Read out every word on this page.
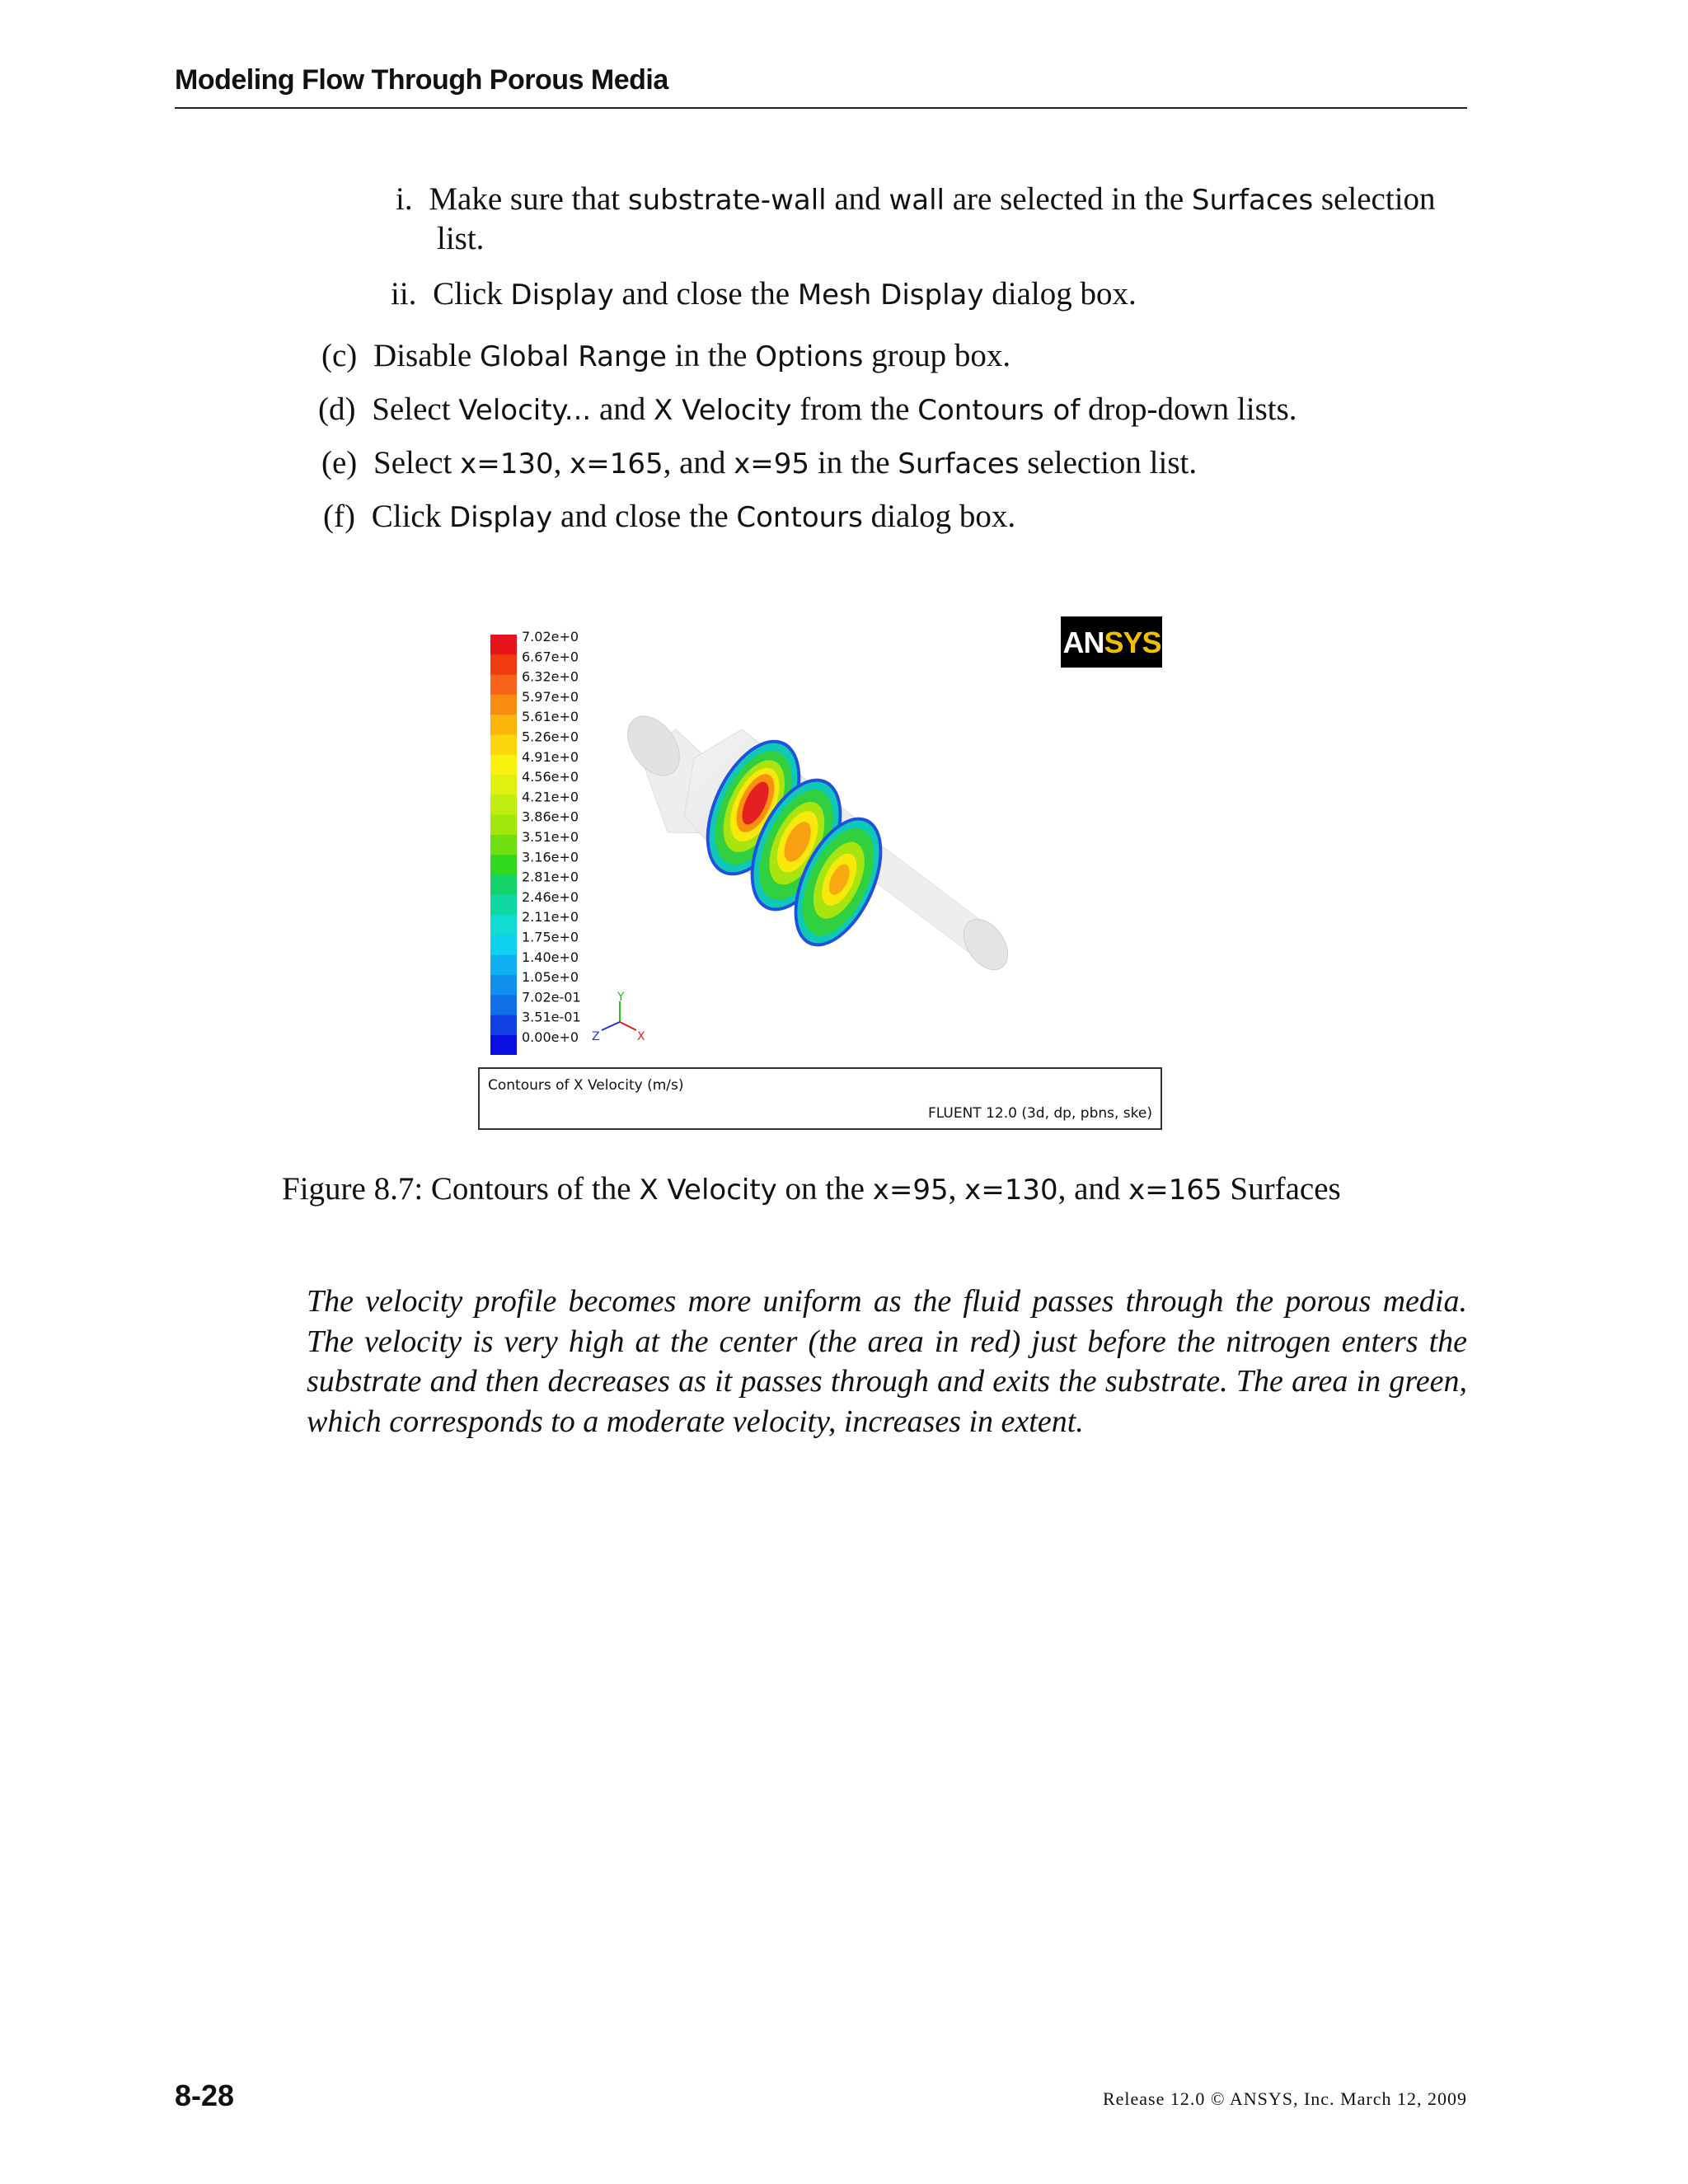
Modeling Flow Through Porous Media
i. Make sure that substrate-wall and wall are selected in the Surfaces selection
list.
ii. Click Display and close the Mesh Display dialog box.
(c) Disable Global Range in the Options group box.
(d) Select Velocity... and X Velocity from the Contours of drop-down lists.
(e) Select x=130, x=165, and x=95 in the Surfaces selection list.
(f) Click Display and close the Contours dialog box.
7.02e+0
6.67e+0
6.32e+0
5.97e+0
5.61e+0
5.26e+0
4.91e+0
4.56e+0
4.21e+0
3.86e+0
3.51e+0
3.16e+0
2.81e+0
2.46e+0
2.11e+0
1.75e+0
1.40e+0
1.05e+0
7.02e-01
3.51e-01
0.00e+0
ANSYS
Y
Z	X
Contours of X Velocity (m/s)
FLUENT 12.0 (3d, dp, pbns, ske)
Figure 8.7: Contours of the X Velocity on the x=95, x=130, and x=165 Surfaces
The velocity profile becomes more uniform as the fluid passes through the porous media. The velocity is very high at the center (the area in red) just before the nitrogen enters the substrate and then decreases as it passes through and exits the substrate. The area in green, which corresponds to a moderate velocity, increases in extent.
8-28	Release 12.0 © ANSYS, Inc. March 12, 2009
